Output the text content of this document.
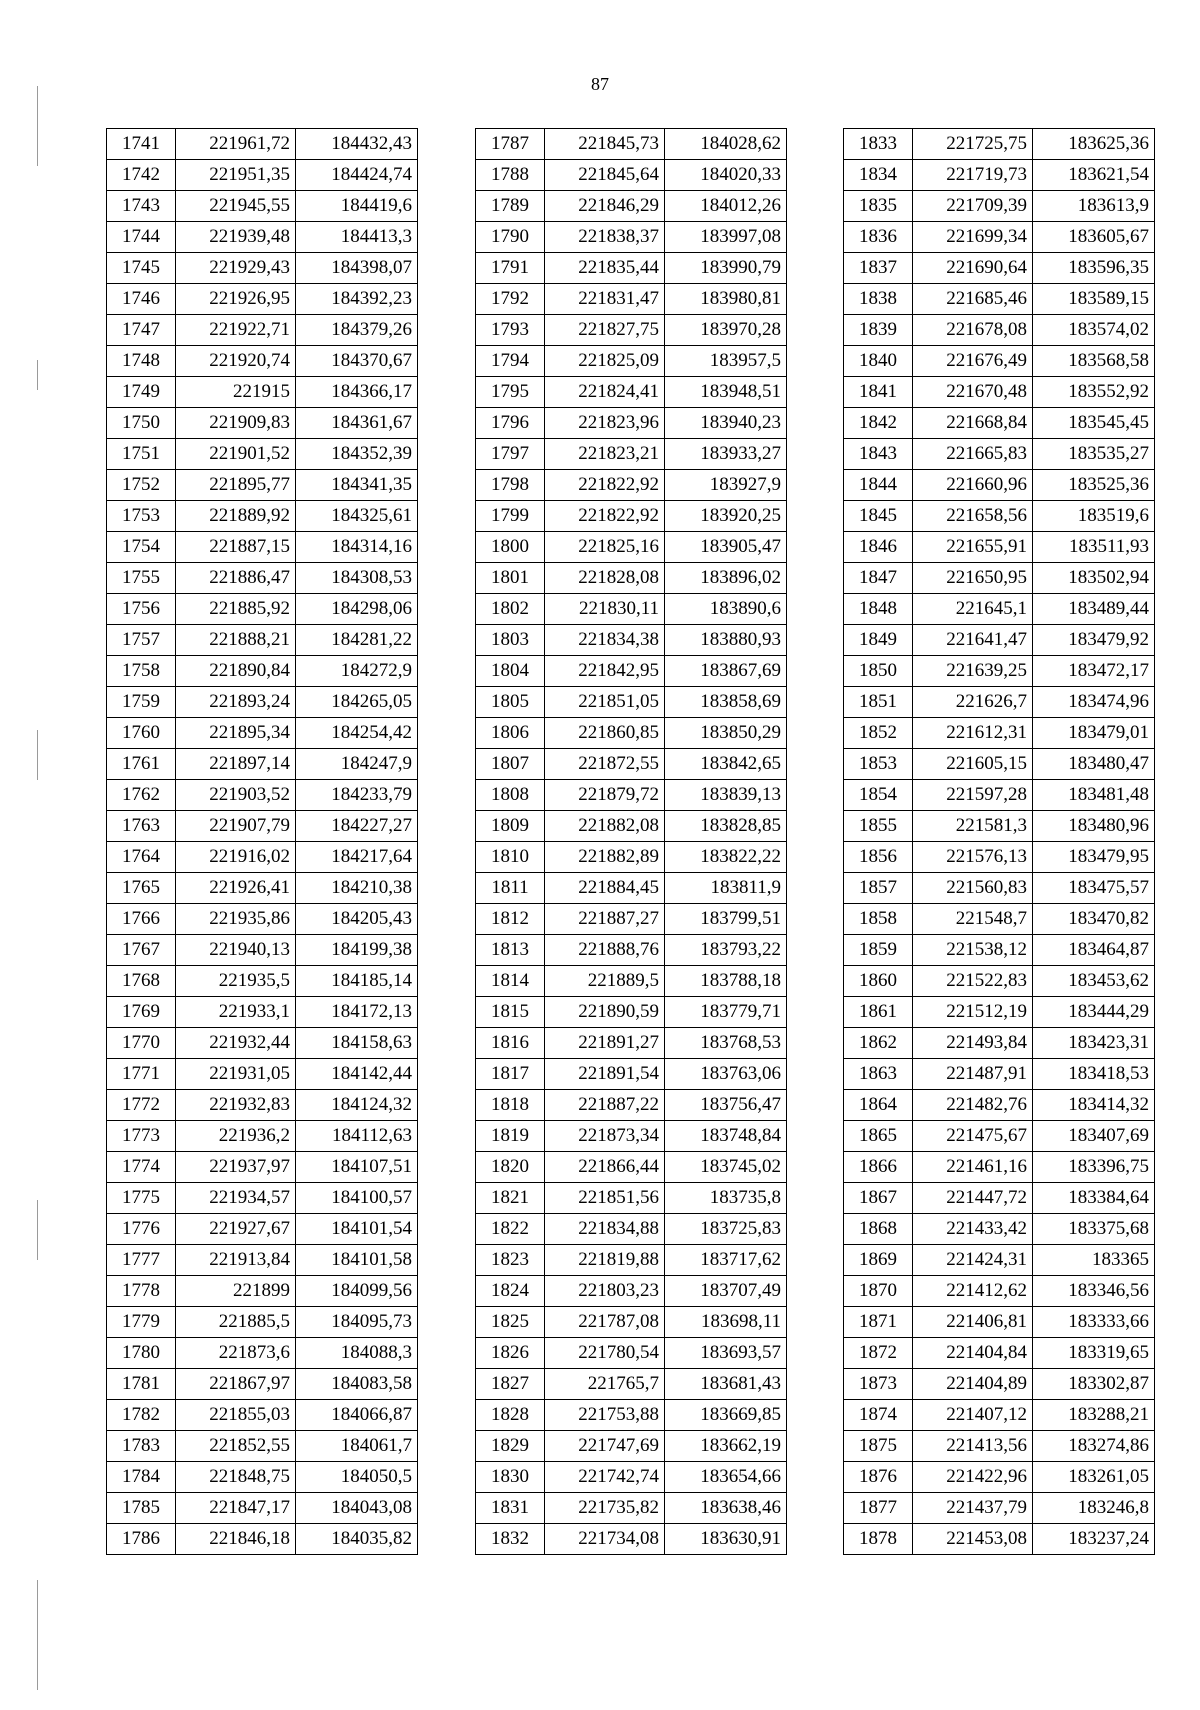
87
1741	221961,72	184432,43
1742	221951,35	184424,74
1743	221945,55	184419,6
1744	221939,48	184413,3
1745	221929,43	184398,07
1746	221926,95	184392,23
1747	221922,71	184379,26
1748	221920,74	184370,67
1749	221915	184366,17
1750	221909,83	184361,67
1751	221901,52	184352,39
1752	221895,77	184341,35
1753	221889,92	184325,61
1754	221887,15	184314,16
1755	221886,47	184308,53
1756	221885,92	184298,06
1757	221888,21	184281,22
1758	221890,84	184272,9
1759	221893,24	184265,05
1760	221895,34	184254,42
1761	221897,14	184247,9
1762	221903,52	184233,79
1763	221907,79	184227,27
1764	221916,02	184217,64
1765	221926,41	184210,38
1766	221935,86	184205,43
1767	221940,13	184199,38
1768	221935,5	184185,14
1769	221933,1	184172,13
1770	221932,44	184158,63
1771	221931,05	184142,44
1772	221932,83	184124,32
1773	221936,2	184112,63
1774	221937,97	184107,51
1775	221934,57	184100,57
1776	221927,67	184101,54
1777	221913,84	184101,58
1778	221899	184099,56
1779	221885,5	184095,73
1780	221873,6	184088,3
1781	221867,97	184083,58
1782	221855,03	184066,87
1783	221852,55	184061,7
1784	221848,75	184050,5
1785	221847,17	184043,08
1786	221846,18	184035,82
1787	221845,73	184028,62
1788	221845,64	184020,33
1789	221846,29	184012,26
1790	221838,37	183997,08
1791	221835,44	183990,79
1792	221831,47	183980,81
1793	221827,75	183970,28
1794	221825,09	183957,5
1795	221824,41	183948,51
1796	221823,96	183940,23
1797	221823,21	183933,27
1798	221822,92	183927,9
1799	221822,92	183920,25
1800	221825,16	183905,47
1801	221828,08	183896,02
1802	221830,11	183890,6
1803	221834,38	183880,93
1804	221842,95	183867,69
1805	221851,05	183858,69
1806	221860,85	183850,29
1807	221872,55	183842,65
1808	221879,72	183839,13
1809	221882,08	183828,85
1810	221882,89	183822,22
1811	221884,45	183811,9
1812	221887,27	183799,51
1813	221888,76	183793,22
1814	221889,5	183788,18
1815	221890,59	183779,71
1816	221891,27	183768,53
1817	221891,54	183763,06
1818	221887,22	183756,47
1819	221873,34	183748,84
1820	221866,44	183745,02
1821	221851,56	183735,8
1822	221834,88	183725,83
1823	221819,88	183717,62
1824	221803,23	183707,49
1825	221787,08	183698,11
1826	221780,54	183693,57
1827	221765,7	183681,43
1828	221753,88	183669,85
1829	221747,69	183662,19
1830	221742,74	183654,66
1831	221735,82	183638,46
1832	221734,08	183630,91
1833	221725,75	183625,36
1834	221719,73	183621,54
1835	221709,39	183613,9
1836	221699,34	183605,67
1837	221690,64	183596,35
1838	221685,46	183589,15
1839	221678,08	183574,02
1840	221676,49	183568,58
1841	221670,48	183552,92
1842	221668,84	183545,45
1843	221665,83	183535,27
1844	221660,96	183525,36
1845	221658,56	183519,6
1846	221655,91	183511,93
1847	221650,95	183502,94
1848	221645,1	183489,44
1849	221641,47	183479,92
1850	221639,25	183472,17
1851	221626,7	183474,96
1852	221612,31	183479,01
1853	221605,15	183480,47
1854	221597,28	183481,48
1855	221581,3	183480,96
1856	221576,13	183479,95
1857	221560,83	183475,57
1858	221548,7	183470,82
1859	221538,12	183464,87
1860	221522,83	183453,62
1861	221512,19	183444,29
1862	221493,84	183423,31
1863	221487,91	183418,53
1864	221482,76	183414,32
1865	221475,67	183407,69
1866	221461,16	183396,75
1867	221447,72	183384,64
1868	221433,42	183375,68
1869	221424,31	183365
1870	221412,62	183346,56
1871	221406,81	183333,66
1872	221404,84	183319,65
1873	221404,89	183302,87
1874	221407,12	183288,21
1875	221413,56	183274,86
1876	221422,96	183261,05
1877	221437,79	183246,8
1878	221453,08	183237,24
